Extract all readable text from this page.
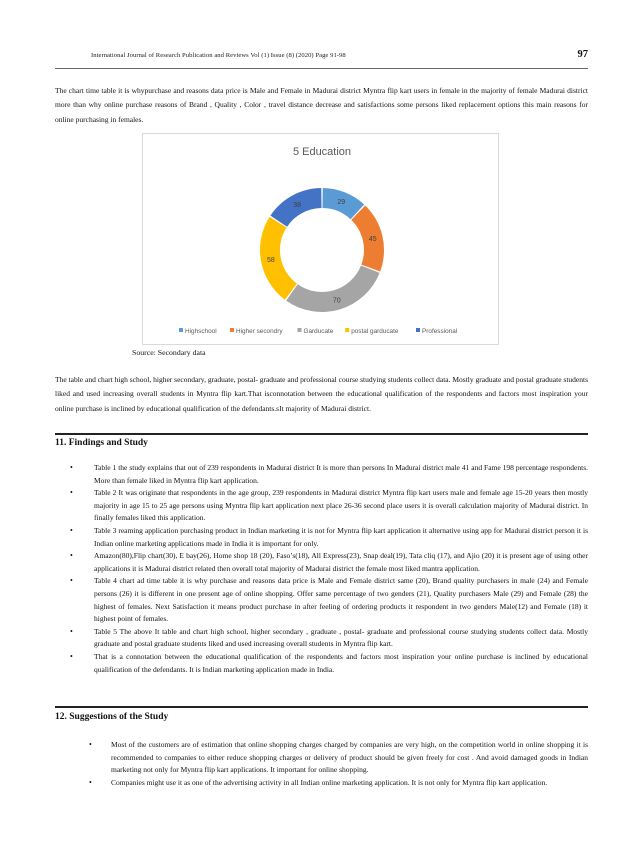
International Journal of Research Publication and Reviews Vol (1) Issue (8) (2020) Page 91-98	97

The chart time table it is whypurchase and reasons data price is Male and Female in Madurai district Myntra flip kart users in female in the majority of female Madurai district more than why online purchase reasons of Brand , Quality , Color , travel distance decrease and satisfactions some persons liked replacement options this main reasons for online purchasing in females.

5 Education
29
45
70
58
38
Highschool	Higher secondry	Garducate	postal garducate	Professional
Source: Secondary data

The table and chart high school, higher secondary, graduate, postal- graduate and professional course studying students collect data. Mostly graduate and postal graduate students liked and used increasing overall students in Myntra flip kart.That isconnotation between the educational qualification of the respondents and factors most inspiration your online purchase is inclined by educational qualification of the defendants.sIt majority of Madurai district.

11. Findings and Study
•	Table 1 the study explains that out of 239 respondents in Madurai district It is more than persons In Madurai district male 41 and Fame 198 percentage respondents. More than female liked in Myntra flip kart application.
•	Table 2 It was originate that respondents in the age group, 239 respondents in Madurai district Myntra flip kart users male and female age 15-20 years then mostly majority in age 15 to 25 age persons using Myntra flip kart application next place 26-36 second place users it is overall calculation majority of Madurai district. In finally females liked this application.
•	Table 3 reaming application purchasing product in Indian marketing it is not for Myntra flip kart application it alternative using app for Madurai district person it is Indian online marketing applications made in India it is important for only.
•	Amazon(80),Flip chart(30), E bay(26), Home shop 18 (20), Faso’s(18), All Express(23), Snap deal(19), Tata cliq (17), and Ajio (20) it is present age of using other applications it is Madurai district related then overall total majority of Madurai district the female most liked mantra application.
•	Table 4 chart ad time table it is why purchase and reasons data price is Male and Female district same (20), Brand quality purchasers in male (24) and Female persons (26) it is different in one present age of online shopping. Offer same percentage of two genders (21), Quality purchasers Male (29) and Female (28) the highest of females. Next Satisfaction it means product purchase in after feeling of ordering products it respondent in two genders Male(12) and Female (18) it highest point of females.
•	Table 5 The above It table and chart high school, higher secondary , graduate , postal- graduate and professional course studying students collect data. Mostly graduate and postal graduate students liked and used increasing overall students in Myntra flip kart.
•	That is a connotation between the educational qualification of the respondents and factors most inspiration your online purchase is inclined by educational qualification of the defendants. It is Indian marketing application made in India.
12. Suggestions of the Study
•	Most of the customers are of estimation that online shopping charges charged by companies are very high, on the competition world in online shopping it is recommended to companies to either reduce shopping charges or delivery of product should be given freely for cost . And avoid damaged goods in Indian marketing not only for Myntra flip kart applications. It important for online shopping.
•	Companies might use it as one of the advertising activity in all Indian online marketing application. It is not only for Myntra flip kart application.
